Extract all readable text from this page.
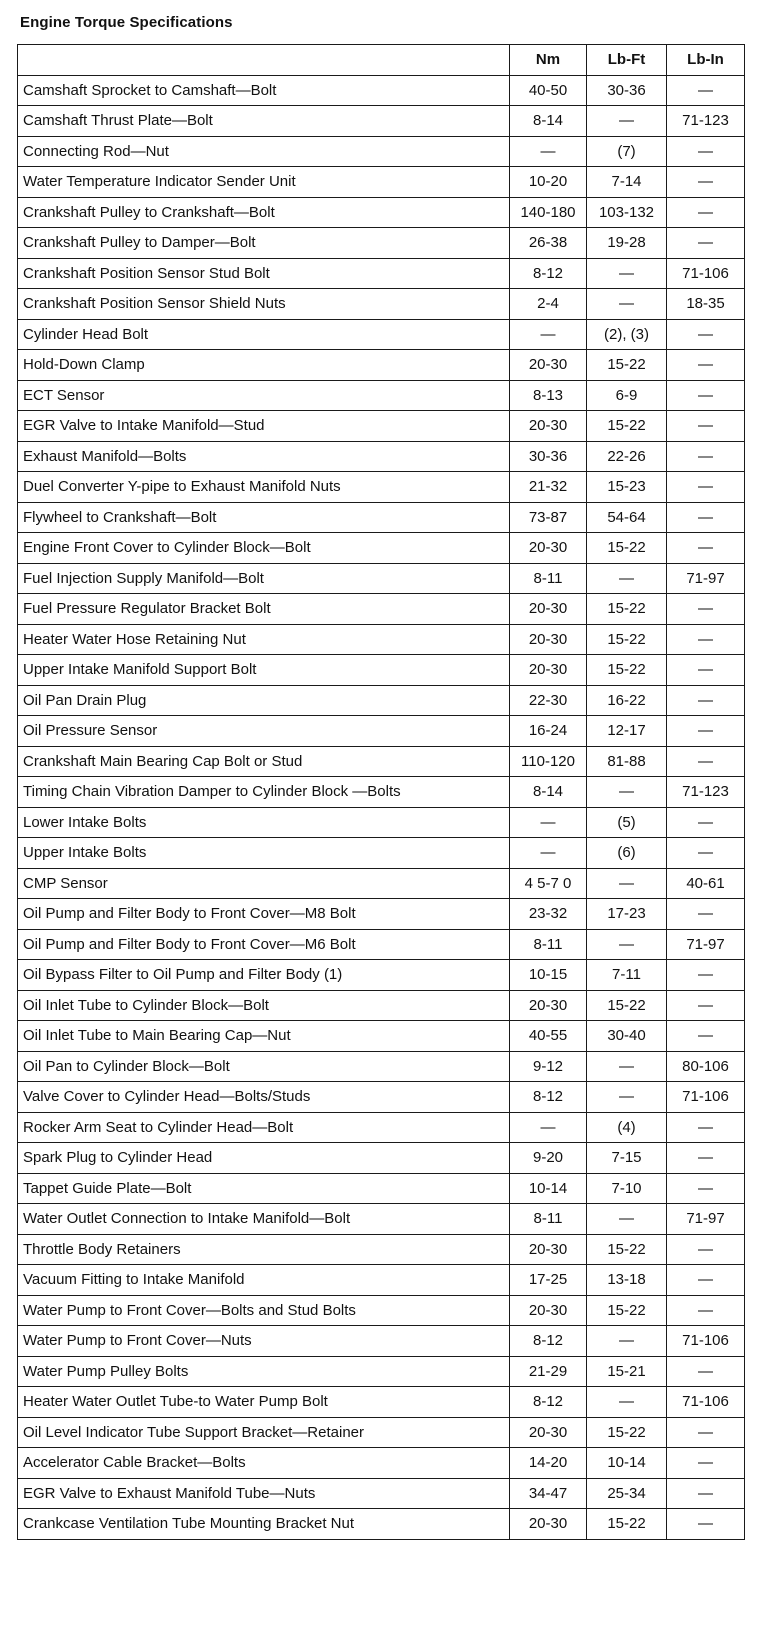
Engine Torque Specifications
	Nm	Lb-Ft	Lb-In
Camshaft Sprocket to Camshaft—Bolt	40-50	30-36	—
Camshaft Thrust Plate—Bolt	8-14	—	71-123
Connecting Rod—Nut	—	(7)	—
Water Temperature Indicator Sender Unit	10-20	7-14	—
Crankshaft Pulley to Crankshaft—Bolt	140-180	103-132	—
Crankshaft Pulley to Damper—Bolt	26-38	19-28	—
Crankshaft Position Sensor Stud Bolt	8-12	—	71-106
Crankshaft Position Sensor Shield Nuts	2-4	—	18-35
Cylinder Head Bolt	—	(2), (3)	—
Hold-Down Clamp	20-30	15-22	—
ECT Sensor	8-13	6-9	—
EGR Valve to Intake Manifold—Stud	20-30	15-22	—
Exhaust Manifold—Bolts	30-36	22-26	—
Duel Converter Y-pipe to Exhaust Manifold Nuts	21-32	15-23	—
Flywheel to Crankshaft—Bolt	73-87	54-64	—
Engine Front Cover to Cylinder Block—Bolt	20-30	15-22	—
Fuel Injection Supply Manifold—Bolt	8-11	—	71-97
Fuel Pressure Regulator Bracket Bolt	20-30	15-22	—
Heater Water Hose Retaining Nut	20-30	15-22	—
Upper Intake Manifold Support Bolt	20-30	15-22	—
Oil Pan Drain Plug	22-30	16-22	—
Oil Pressure Sensor	16-24	12-17	—
Crankshaft Main Bearing Cap Bolt or Stud	110-120	81-88	—
Timing Chain Vibration Damper to Cylinder Block —Bolts	8-14	—	71-123
Lower Intake Bolts	—	(5)	—
Upper Intake Bolts	—	(6)	—
CMP Sensor	4 5-7 0	—	40-61
Oil Pump and Filter Body to Front Cover—M8 Bolt	23-32	17-23	—
Oil Pump and Filter Body to Front Cover—M6 Bolt	8-11	—	71-97
Oil Bypass Filter to Oil Pump and Filter Body (1)	10-15	7-11	—
Oil Inlet Tube to Cylinder Block—Bolt	20-30	15-22	—
Oil Inlet Tube to Main Bearing Cap—Nut	40-55	30-40	—
Oil Pan to Cylinder Block—Bolt	9-12	—	80-106
Valve Cover to Cylinder Head—Bolts/Studs	8-12	—	71-106
Rocker Arm Seat to Cylinder Head—Bolt	—	(4)	—
Spark Plug to Cylinder Head	9-20	7-15	—
Tappet Guide Plate—Bolt	10-14	7-10	—
Water Outlet Connection to Intake Manifold—Bolt	8-11	—	71-97
Throttle Body Retainers	20-30	15-22	—
Vacuum Fitting to Intake Manifold	17-25	13-18	—
Water Pump to Front Cover—Bolts and Stud Bolts	20-30	15-22	—
Water Pump to Front Cover—Nuts	8-12	—	71-106
Water Pump Pulley Bolts	21-29	15-21	—
Heater Water Outlet Tube-to Water Pump Bolt	8-12	—	71-106
Oil Level Indicator Tube Support Bracket—Retainer	20-30	15-22	—
Accelerator Cable Bracket—Bolts	14-20	10-14	—
EGR Valve to Exhaust Manifold Tube—Nuts	34-47	25-34	—
Crankcase Ventilation Tube Mounting Bracket Nut	20-30	15-22	—
